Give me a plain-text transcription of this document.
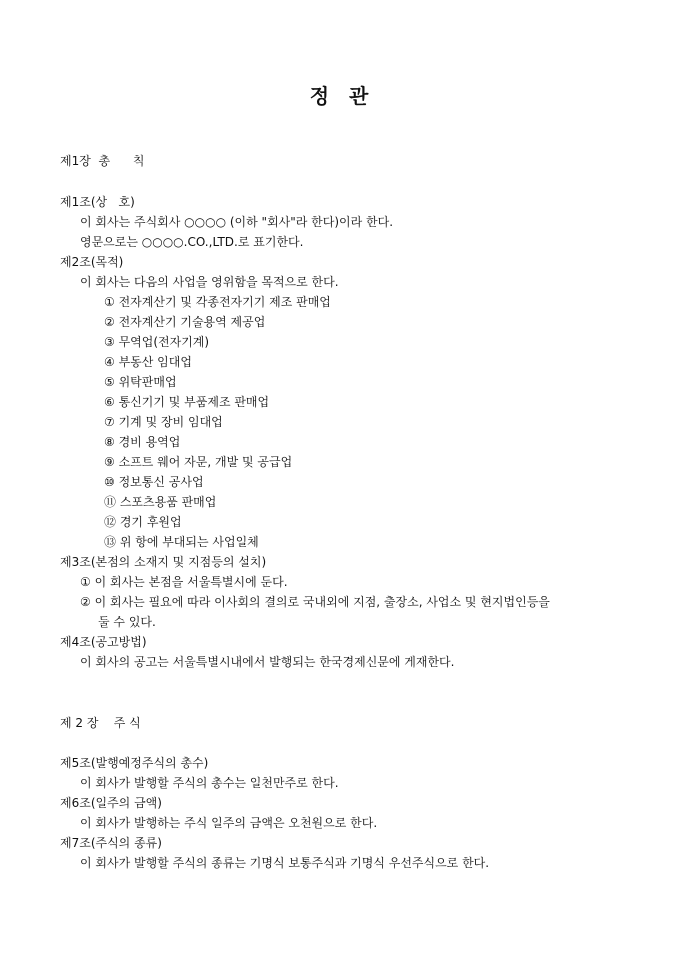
정  관
제1장  총      칙
제1조(상   호)
이 회사는 주식회사 ○○○○ (이하 "회사"라 한다)이라 한다.
영문으로는 ○○○○.CO.,LTD.로 표기한다.
제2조(목적)
이 회사는 다음의 사업을 영위함을 목적으로 한다.
① 전자계산기 및 각종전자기기 제조 판매업
② 전자계산기 기술용역 제공업
③ 무역업(전자기계)
④ 부동산 임대업
⑤ 위탁판매업
⑥ 통신기기 및 부품제조 판매업
⑦ 기계 및 장비 임대업
⑧ 경비 용역업
⑨ 소프트 웨어 자문, 개발 및 공급업
⑩ 정보통신 공사업
⑪ 스포츠용품 판매업
⑫ 경기 후원업
⑬ 위 항에 부대되는 사업일체
제3조(본점의 소재지 및 지점등의 설치)
① 이 회사는 본점을 서울특별시에 둔다.
② 이 회사는 필요에 따라 이사회의 결의로 국내외에 지점, 출장소, 사업소 및 현지법인등을
둘 수 있다.
제4조(공고방법)
이 회사의 공고는 서울특별시내에서 발행되는 한국경제신문에 게재한다.
제 2 장    주 식
제5조(발행예정주식의 총수)
이 회사가 발행할 주식의 총수는 일천만주로 한다.
제6조(일주의 금액)
이 회사가 발행하는 주식 일주의 금액은 오천원으로 한다.
제7조(주식의 종류)
이 회사가 발행할 주식의 종류는 기명식 보통주식과 기명식 우선주식으로 한다.
